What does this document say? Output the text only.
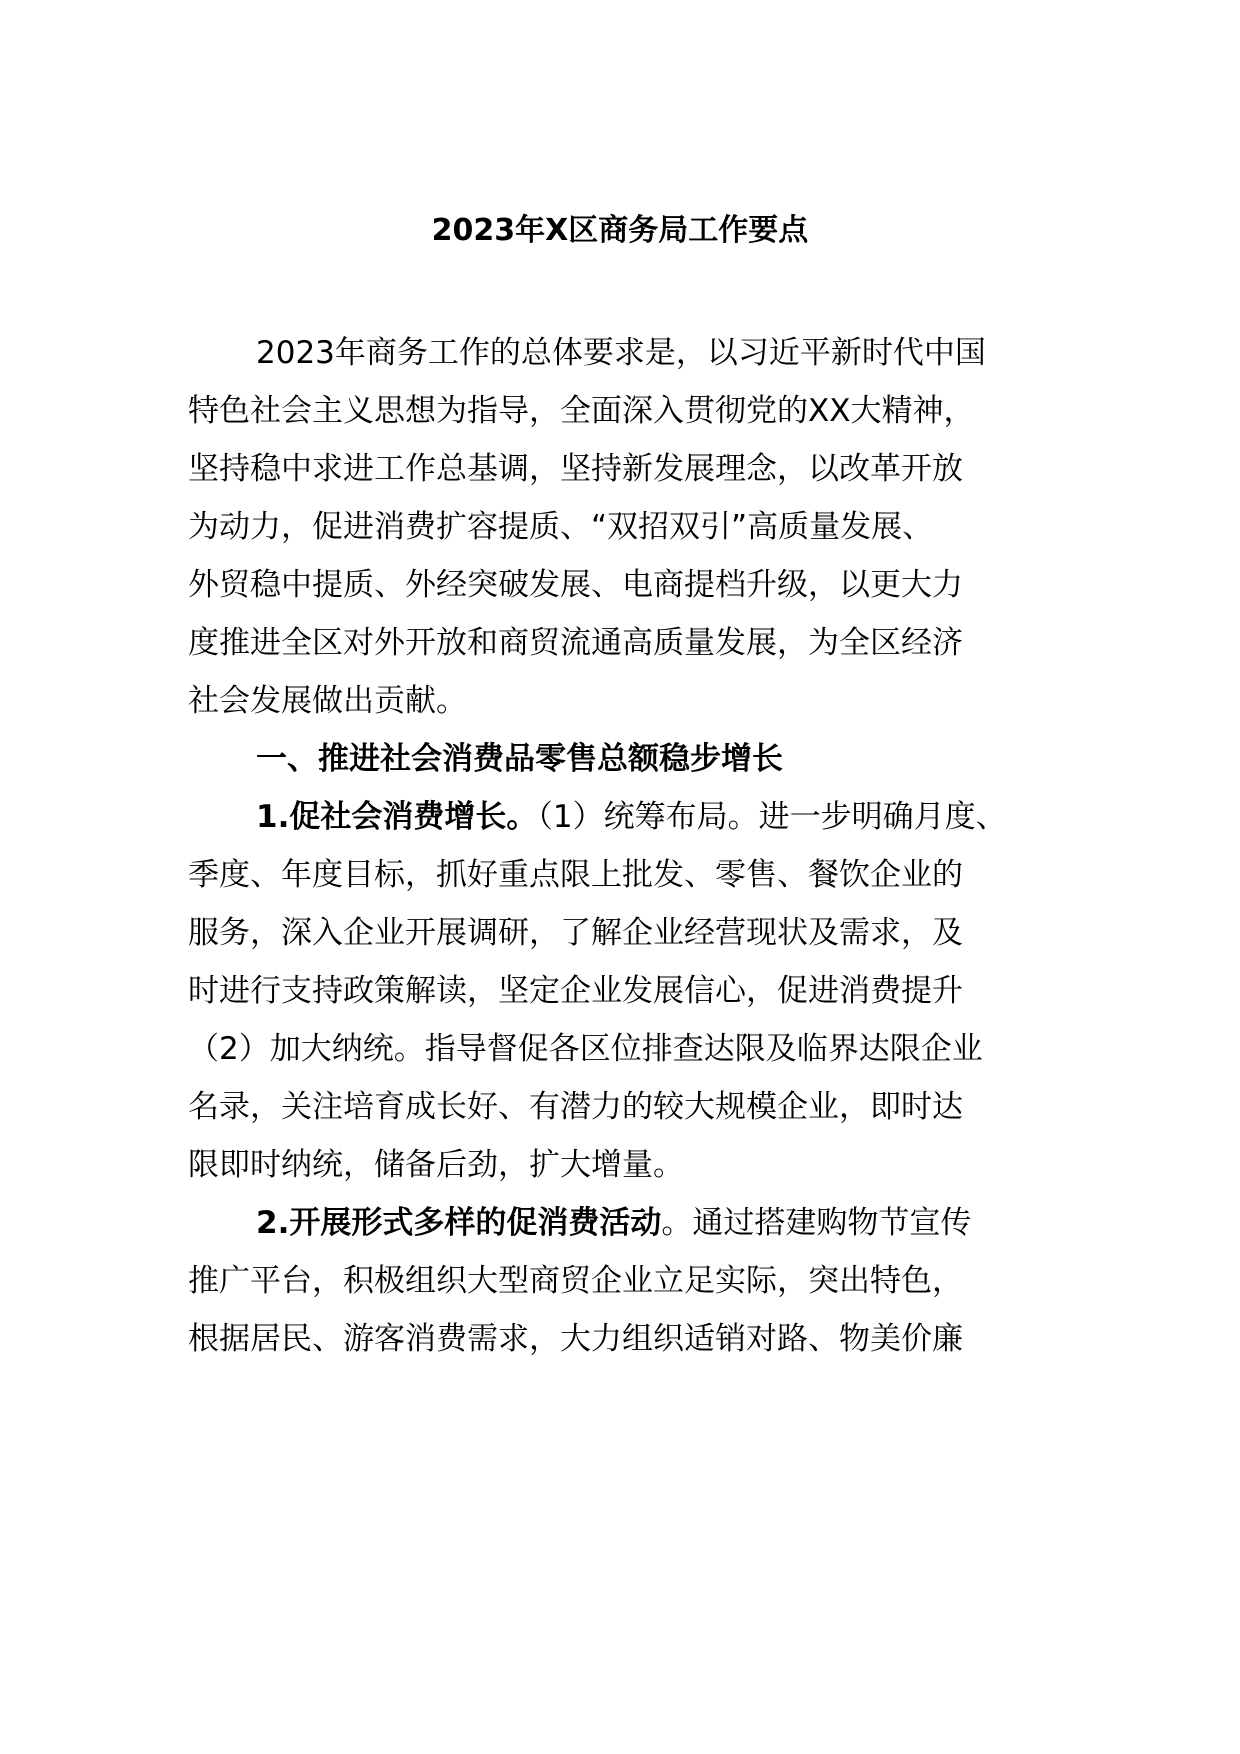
2023年X区商务局工作要点
2023年商务工作的总体要求是，以习近平新时代中国
特色社会主义思想为指导，全面深入贯彻党的XX大精神，
坚持稳中求进工作总基调，坚持新发展理念，以改革开放
为动力，促进消费扩容提质、“双招双引”高质量发展、
外贸稳中提质、外经突破发展、电商提档升级，以更大力
度推进全区对外开放和商贸流通高质量发展，为全区经济
社会发展做出贡献。
一、推进社会消费品零售总额稳步增长
1.促社会消费增长。（1）统筹布局。进一步明确月度、
季度、年度目标，抓好重点限上批发、零售、餐饮企业的
服务，深入企业开展调研，了解企业经营现状及需求，及
时进行支持政策解读，坚定企业发展信心，促进消费提升
（2）加大纳统。指导督促各区位排查达限及临界达限企业
名录，关注培育成长好、有潜力的较大规模企业，即时达
限即时纳统，储备后劲，扩大增量。
2.开展形式多样的促消费活动。通过搭建购物节宣传
推广平台，积极组织大型商贸企业立足实际，突出特色，
根据居民、游客消费需求，大力组织适销对路、物美价廉
